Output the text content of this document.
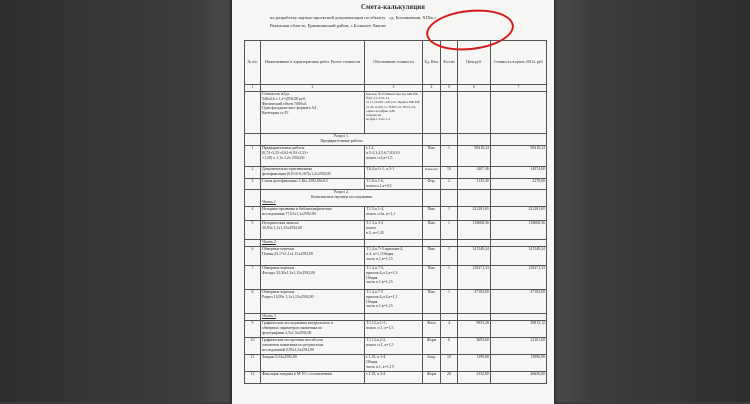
Смета-калькуляция
на разработку научно-проектной документации по объекту «д. Богоявления, XIXв.»
Рязанская область, Ермишинский район, с.Большое Лаково
№ п/п	Наименование и характеристика работ. Расчет стоимости	Обоснование стоимости	Ед. Изм.	Кол-во	Цена руб.	Стоимость в ценах 2012г. руб.
1	2	3	4	5	6	7
	Стоимость м2дл.
540х4,6 х 1,2=2592,00 руб.
Физический объем 7000м3
Одна фасадная-лист формата А4
Категория сл.IV.	Письмо №33 Министерства МК РФ №01-21-3/16-14
от 11.10.08г. «Об утв. Приказ МК РФ
от 20.12.2011 г. №637-01-39/10-ГА, «при» коэффиц 4,80
поправочн
коэфф.1,1;кэ=1,2				

	Раздел 1.
Предварительные работы					

1	Предварительные работы
(0,74+3,25+4,62+6,92+2,33+
+1,28) х 1,1х 1,2х 2592,00	т.1.2,
п.5-2,3,4,5,6,7,8,9,10
поясн. п.4,к=1,5	Пам.	1	98418,24	98418,24
2	Документально-оригинальная
фотофиксация (0,014+0,167)х1,2х2592,00	Т.6.4,п.1+1, п.3-1	Комплект	10	1407,46	14074,60
3	Схема фотофиксации 1,46х 2592,00х0,3	Т.1.8,п.1-6,
поясн.п.1,к=0,3	Фор.	2	1135,30	2270,60

	Раздел 2.
Комплексные научные исследования
Часть 1					

4	Историко-архивные и библиографические
исследования 77,61х1,1х2592,00	Т.1.3,п.1-4,
поясн. п.3а, к=1,1	Пам.	1	221281,65	221281,65
5	Историческая записка
30,83х 1,1х1,35х2592,00	Т.1.3,п.3-4
поясн.
п.5, к=1,35	Пам.	1	118668,36	118668,36
	Часть 2					
6	Обмерные чертежи
Планы 43,17х1,1х1,15х2592,00	Т.1.4,п.7+5,приложе.4,
п.4, к=1,1Общая
часть п.1,к=1,15	Пам.	1	141549,24	141549,24
7	Обмерные чертежи
Фасады 33,30х1,3х1,15х2592,00	Т.1.4,п.7-5,
прилож.4,п.1,к=1,3
Общая
часть п.1,к=1,15	Пам.	1	129271,33	129271,33
8	Обмерные чертежи.
Разрез 14,99х 1,1х1,15х2592,00	Т.1.4,п.7-5
прилож.4,п.4,к=1,1
Общая
часть п.1,к=1,15	Пам.	1	47183,00	47183,00
	Часть 3					
9	Графические исследования натурального и
обмерных параметров памятника по
фотографиям 2,5х1,5х2592,00	Т.1.12,п.1+1,
поясн. п.1, к=1,5	Фото	4	9953,28	39813,12
10	Графические построения частей или
элементов памятника по результатам
исследований 0,95х1,5х2592,00	Т.1.12,п.2-3,
поясн. п.1, к=1,5	Форм	6	3693,60	22161,60
11	Зондаж 0,54х2592,00	т.1.10, п.1-4
Общая
часть п.1, к=1,15	Зонд.	10	1399,68	13996,80
12	Фиксация зондажа в М-10 с составлением	т.1.10, п.3-4	Форм	20	2332,80	46656,00
